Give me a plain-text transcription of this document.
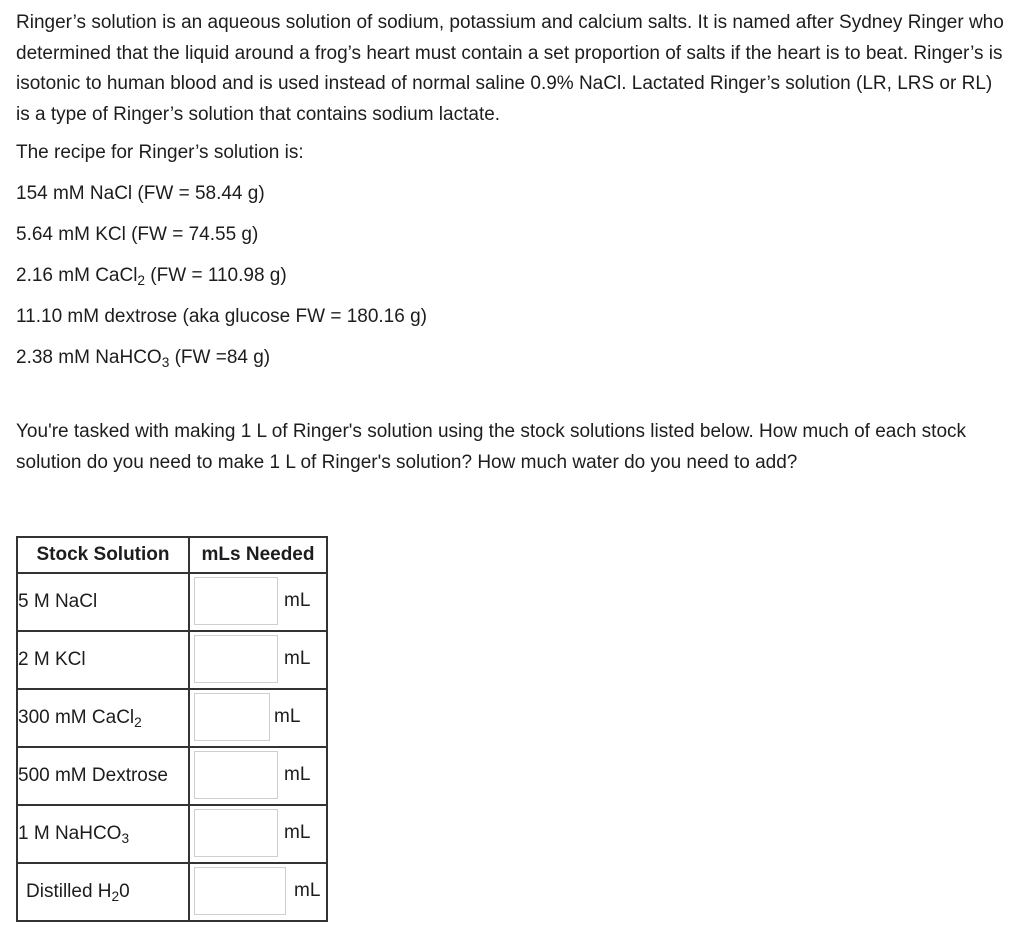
Ringer’s solution is an aqueous solution of sodium, potassium and calcium salts. It is named after Sydney Ringer who determined that the liquid around a frog’s heart must contain a set proportion of salts if the heart is to beat. Ringer’s is isotonic to human blood and is used instead of normal saline 0.9% NaCl. Lactated Ringer’s solution (LR, LRS or RL) is a type of Ringer’s solution that contains sodium lactate.

The recipe for Ringer’s solution is:

154 mM NaCl (FW = 58.44 g)
5.64 mM KCl (FW = 74.55 g)
2.16 mM CaCl$_2$ (FW = 110.98 g)
11.10 mM dextrose (aka glucose FW = 180.16 g)
2.38 mM NaHCO$_3$ (FW =84 g)

You're tasked with making 1 L of Ringer's solution using the stock solutions listed below. How much of each stock solution do you need to make 1 L of Ringer's solution? How much water do you need to add?

Stock Solution	mLs Needed
5 M NaCl	mL

2 M KCl	mL

300 mM CaCl$_2$	mL

500 mM Dextrose	mL

1 M NaHCO$_3$	mL

Distilled $H_20$	mL
